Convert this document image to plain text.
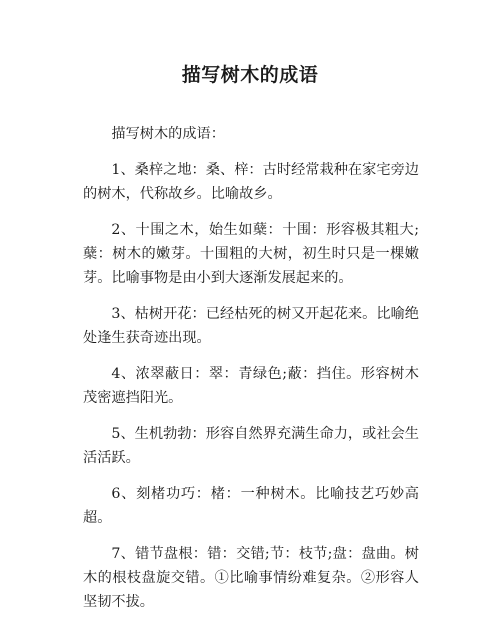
描写树木的成语

描写树木的成语：

1、桑梓之地：桑、梓：古时经常栽种在家宅旁边的树木，代称故乡。比喻故乡。

2、十围之木，始生如蘖：十围：形容极其粗大;蘖：树木的嫩芽。十围粗的大树，初生时只是一棵嫩芽。比喻事物是由小到大逐渐发展起来的。

3、枯树开花：已经枯死的树又开起花来。比喻绝处逢生获奇迹出现。

4、浓翠蔽日：翠：青绿色;蔽：挡住。形容树木茂密遮挡阳光。

5、生机勃勃：形容自然界充满生命力，或社会生活活跃。

6、刻楮功巧：楮：一种树木。比喻技艺巧妙高超。

7、错节盘根：错：交错;节：枝节;盘：盘曲。树木的根枝盘旋交错。①比喻事情纷难复杂。②形容人坚韧不拔。
